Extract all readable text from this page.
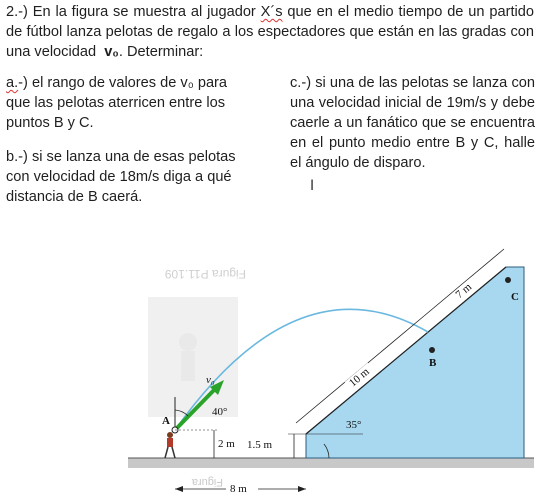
2.-) En la figura se muestra al jugador X´s que en el medio tiempo de un partido de fútbol lanza pelotas de regalo a los espectadores que están en las gradas con una velocidad  v₀. Determinar:
a.-) el rango de valores de v₀ para que las pelotas aterricen entre los puntos B y C.
b.-) si se lanza una de esas pelotas con velocidad de 18m/s diga a qué distancia de B caerá.
c.-) si una de las pelotas se lanza con una velocidad inicial de 19m/s y debe caerle a un fanático que se encuentra en el punto medio entre B y C, halle el ángulo de disparo.
I
Figura P11.109
Figura
v₀
40°
A
2 m 1.5 m
8 m
35°
10 m
7 m
B
C
